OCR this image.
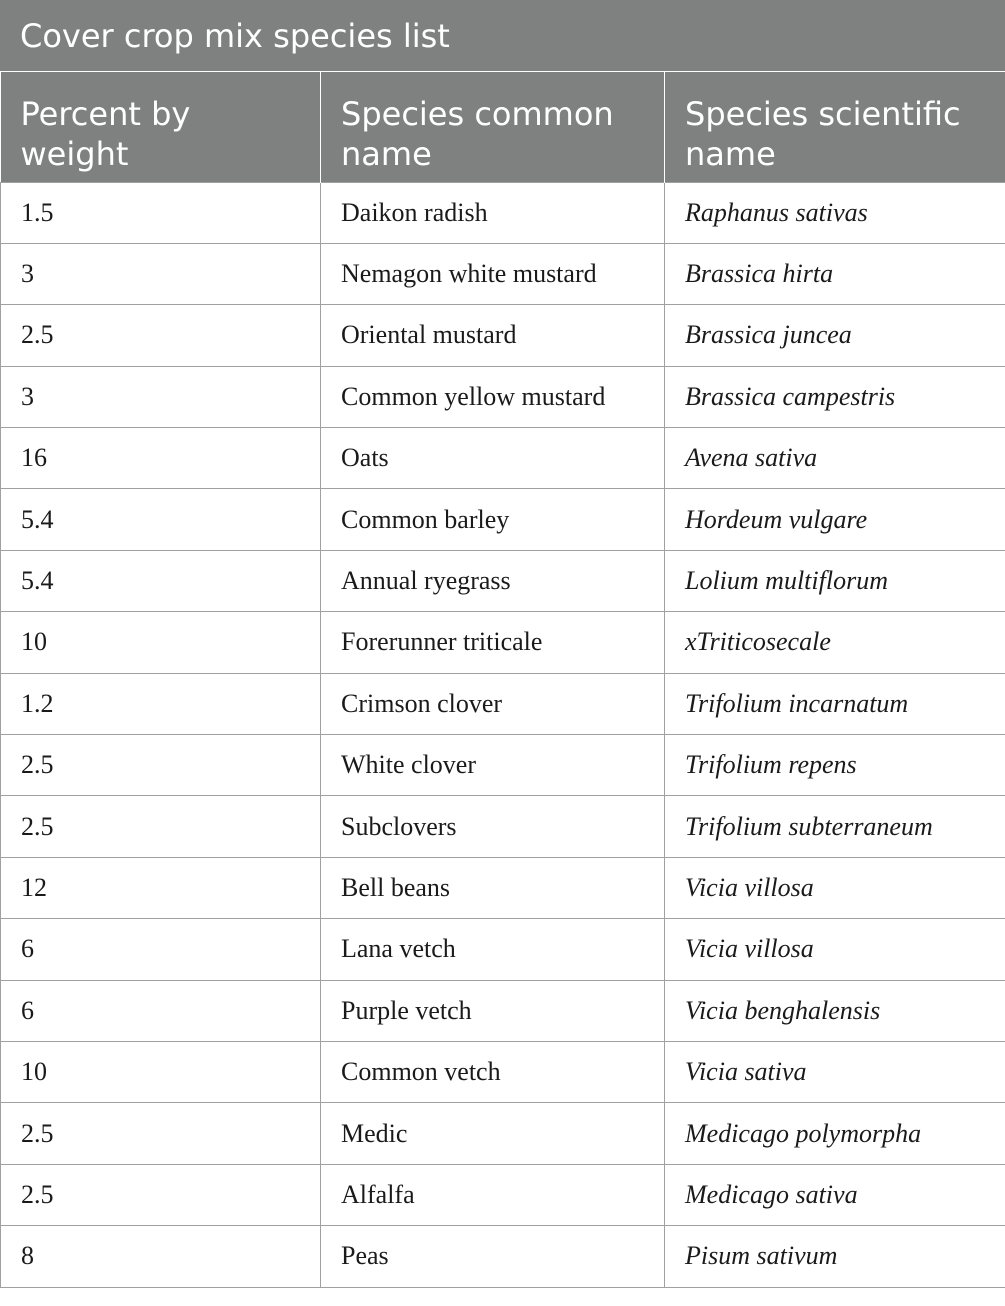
Cover crop mix species list
Percent by weight	Species common name	Species scientific name
1.5	Daikon radish	Raphanus sativas
3	Nemagon white mustard	Brassica hirta
2.5	Oriental mustard	Brassica juncea
3	Common yellow mustard	Brassica campestris
16	Oats	Avena sativa
5.4	Common barley	Hordeum vulgare
5.4	Annual ryegrass	Lolium multiflorum
10	Forerunner triticale	xTriticosecale
1.2	Crimson clover	Trifolium incarnatum
2.5	White clover	Trifolium repens
2.5	Subclovers	Trifolium subterraneum
12	Bell beans	Vicia villosa
6	Lana vetch	Vicia villosa
6	Purple vetch	Vicia benghalensis
10	Common vetch	Vicia sativa
2.5	Medic	Medicago polymorpha
2.5	Alfalfa	Medicago sativa
8	Peas	Pisum sativum
